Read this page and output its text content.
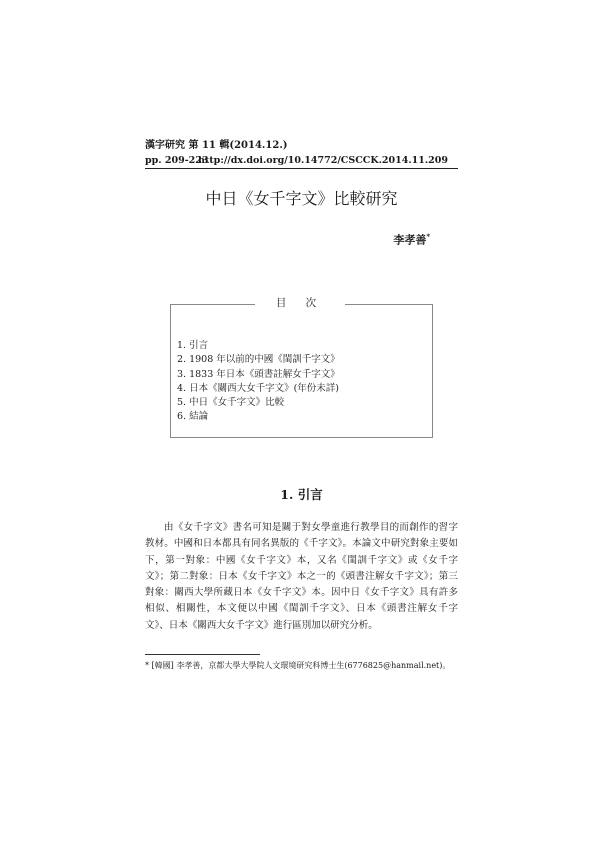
漢字研究 第 11 輯(2014.12.)
pp. 209-223
http://dx.doi.org/10.14772/CSCCK.2014.11.209
中日《女千字文》比較研究
李孝善*
目 次
1. 引言
2. 1908 年以前的中國《閨訓千字文》
3. 1833 年日本《頭書註解女千字文》
4. 日本《關西大女千字文》(年份未詳)
5. 中日《女千字文》比較
6. 結論
1. 引言

由《女千字文》書名可知是關于對女學童進行教學目的而創作的習字教材。中國和日本都具有同名異版的《千字文》。本論文中研究對象主要如下，第一對象：中國《女千字文》本，又名《閨訓千字文》或《女千字文》；第二對象：日本《女千字文》本之一的《頭書注解女千字文》；第三對象：關西大學所藏日本《女千字文》本。因中日《女千字文》具有許多相似、相關性，本文便以中國《閨訓千字文》、日本《頭書注解女千字文》、日本《關西大女千字文》進行區別加以研究分析。

* [韓國] 李孝善，京都大學大學院人文環境研究科博士生(6776825@hanmail.net)。
